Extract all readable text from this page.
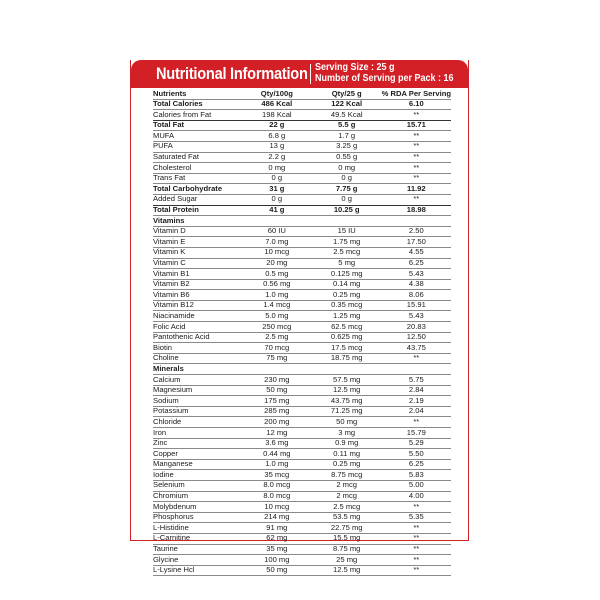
Nutritional Information Serving Size : 25 g
Number of Serving per Pack : 16
Nutrients	Qty/100g	Qty/25 g	% RDA Per Serving
Total Calories	486 Kcal	122 Kcal	6.10
Calories from Fat	198 Kcal	49.5 Kcal	**
Total Fat	22 g	5.5 g	15.71
MUFA	6.8 g	1.7 g	**
PUFA	13 g	3.25 g	**
Saturated Fat	2.2 g	0.55 g	**
Cholesterol	0 mg	0 mg	**
Trans Fat	0 g	0 g	**
Total Carbohydrate	31 g	7.75 g	11.92
Added Sugar	0 g	0 g	**
Total Protein	41 g	10.25 g	18.98
Vitamins			
Vitamin D	60 IU	15 IU	2.50
Vitamin E	7.0 mg	1.75 mg	17.50
Vitamin K	10 mcg	2.5 mcg	4.55
Vitamin C	20 mg	5 mg	6.25
Vitamin B1	0.5 mg	0.125 mg	5.43
Vitamin B2	0.56 mg	0.14 mg	4.38
Vitamin B6	1.0 mg	0.25 mg	8.06
Vitamin B12	1.4 mcg	0.35 mcg	15.91
Niacinamide	5.0 mg	1.25 mg	5.43
Folic Acid	250 mcg	62.5 mcg	20.83
Pantothenic Acid	2.5 mg	0.625 mg	12.50
Biotin	70 mcg	17.5 mcg	43.75
Choline	75 mg	18.75 mg	**
Minerals			
Calcium	230 mg	57.5 mg	5.75
Magnesium	50 mg	12.5 mg	2.84
Sodium	175 mg	43.75 mg	2.19
Potassium	285 mg	71.25 mg	2.04
Chloride	200 mg	50 mg	**
Iron	12 mg	3 mg	15.79
Zinc	3.6 mg	0.9 mg	5.29
Copper	0.44 mg	0.11 mg	5.50
Manganese	1.0 mg	0.25 mg	6.25
Iodine	35 mcg	8.75 mcg	5.83
Selenium	8.0 mcg	2 mcg	5.00
Chromium	8.0 mcg	2 mcg	4.00
Molybdenum	10 mcg	2.5 mcg	**
Phosphorus	214 mg	53.5 mg	5.35
L-Histidine	91 mg	22.75 mg	**
L-Carnitine	62 mg	15.5 mg	**
Taurine	35 mg	8.75 mg	**
Glycine	100 mg	25 mg	**
L-Lysine Hcl	50 mg	12.5 mg	**
